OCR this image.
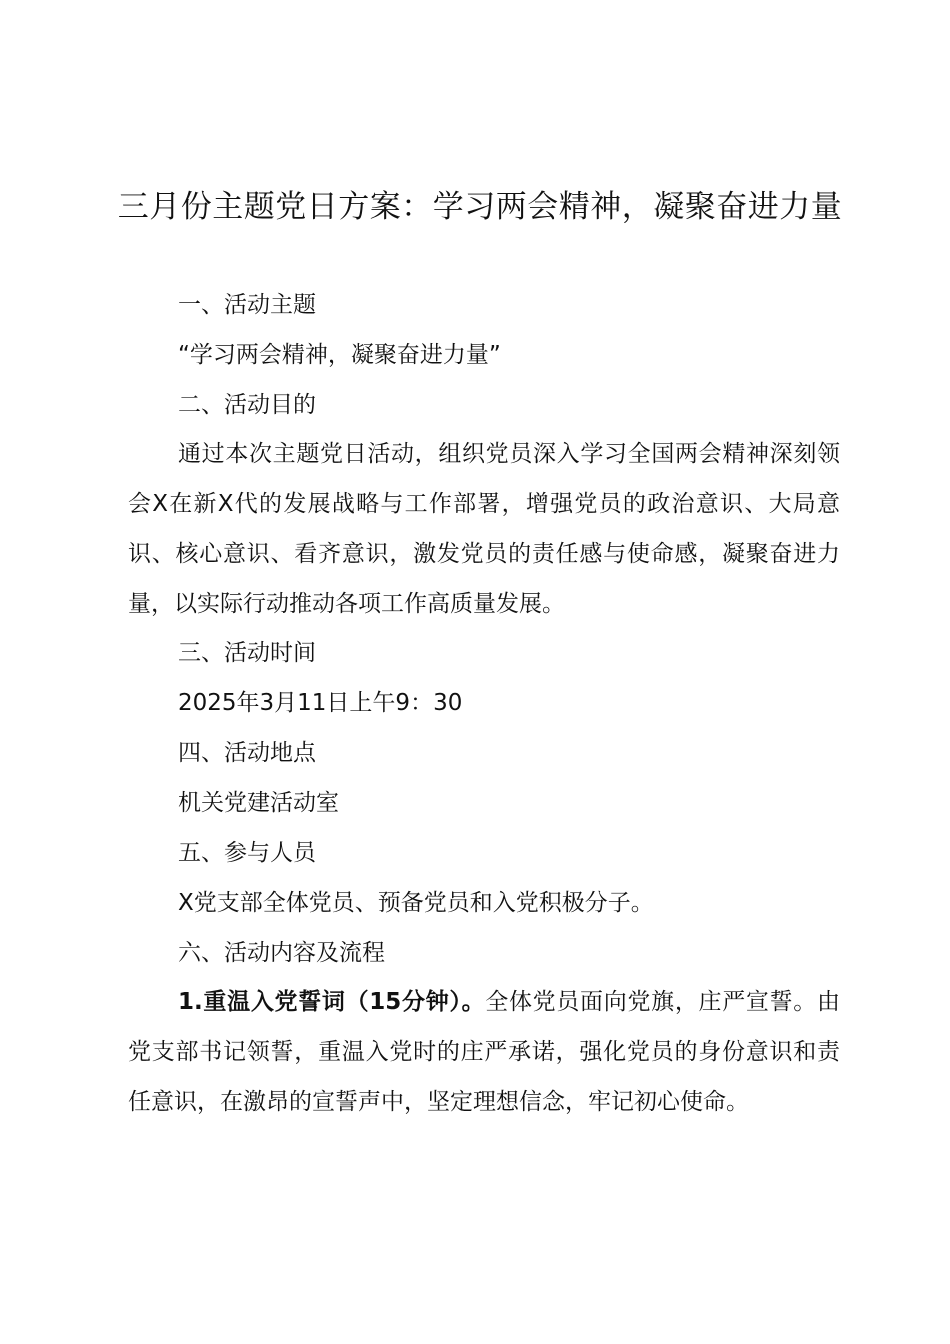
三月份主题党日方案：学习两会精神，凝聚奋进力量
一、活动主题
“学习两会精神，凝聚奋进力量”
二、活动目的

通过本次主题党日活动，组织党员深入学习全国两会精神深刻领会X在新X代的发展战略与工作部署，增强党员的政治意识、大局意识、核心意识、看齐意识，激发党员的责任感与使命感，凝聚奋进力量，以实际行动推动各项工作高质量发展。

三、活动时间
2025年3月11日上午9：30
四、活动地点
机关党建活动室
五、参与人员
X党支部全体党员、预备党员和入党积极分子。
六、活动内容及流程

1.重温入党誓词（15分钟）。全体党员面向党旗，庄严宣誓。由党支部书记领誓，重温入党时的庄严承诺，强化党员的身份意识和责任意识，在激昂的宣誓声中，坚定理想信念，牢记初心使命。
